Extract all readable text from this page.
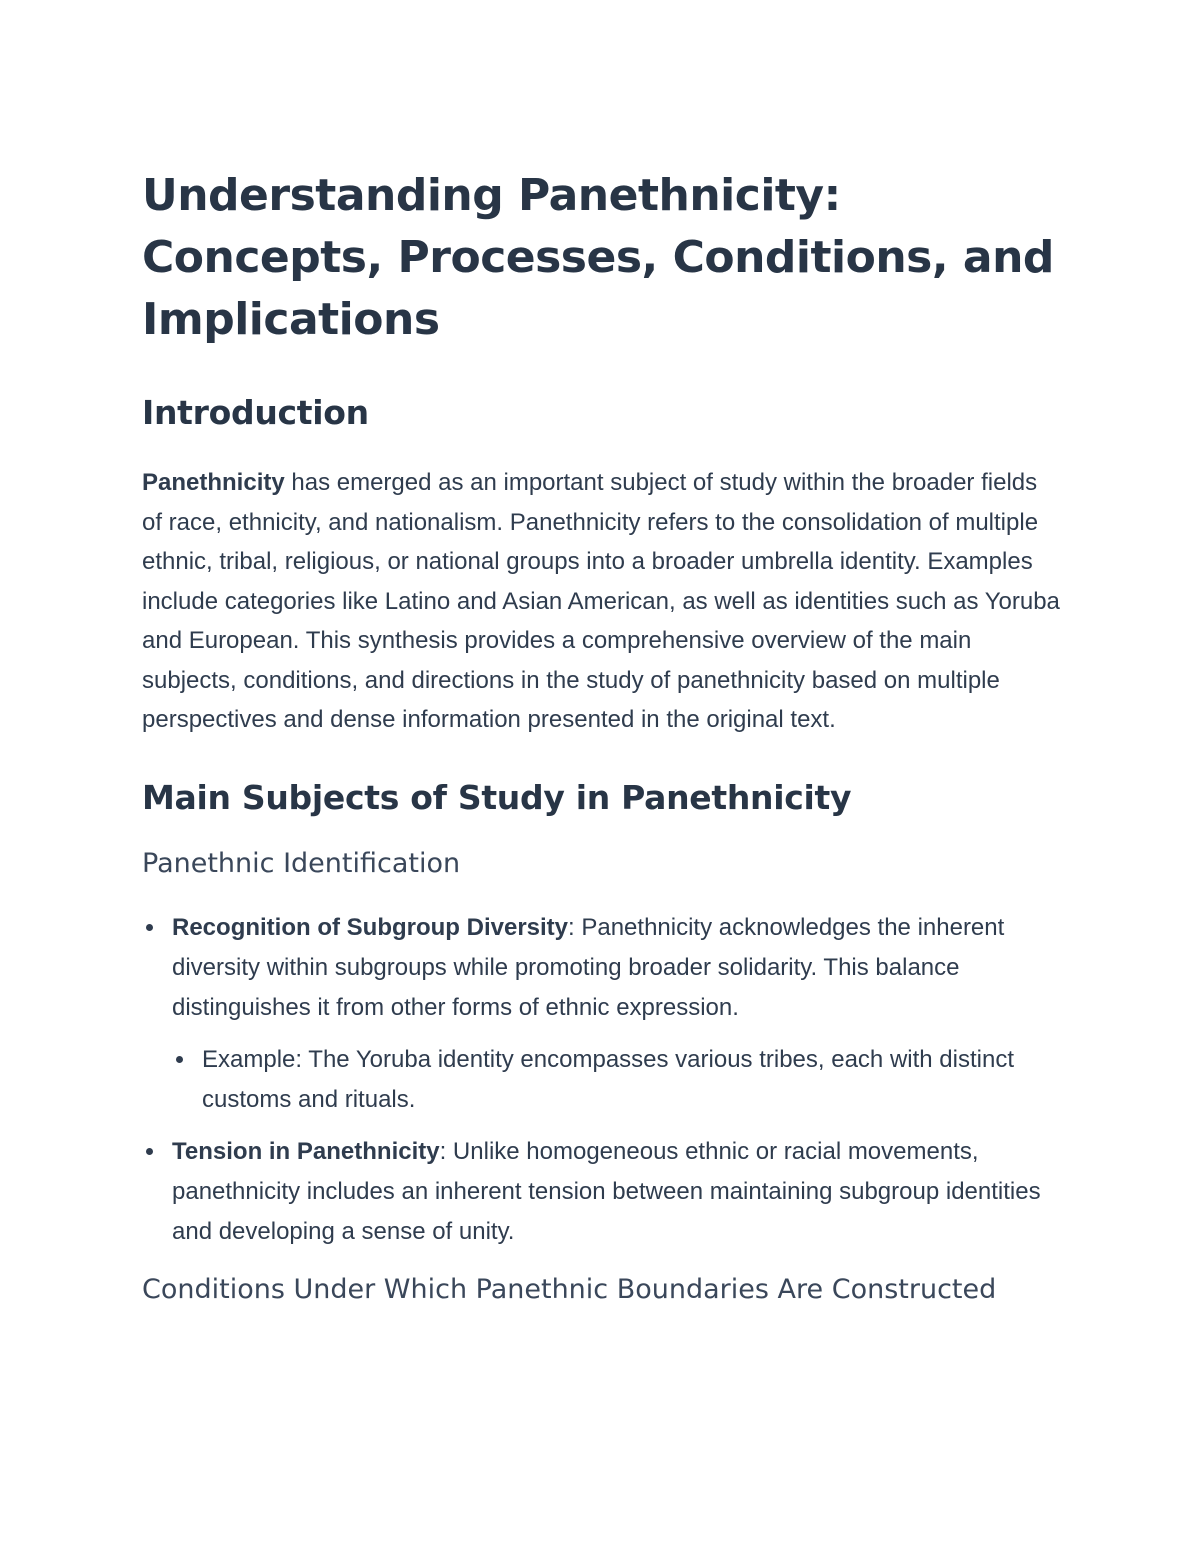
Understanding Panethnicity: Concepts, Processes, Conditions, and Implications
Introduction

Panethnicity has emerged as an important subject of study within the broader fields of race, ethnicity, and nationalism. Panethnicity refers to the consolidation of multiple ethnic, tribal, religious, or national groups into a broader umbrella identity. Examples include categories like Latino and Asian American, as well as identities such as Yoruba and European. This synthesis provides a comprehensive overview of the main subjects, conditions, and directions in the study of panethnicity based on multiple perspectives and dense information presented in the original text.

Main Subjects of Study in Panethnicity
Panethnic Identification
Recognition of Subgroup Diversity: Panethnicity acknowledges the inherent diversity within subgroups while promoting broader solidarity. This balance distinguishes it from other forms of ethnic expression.
Example: The Yoruba identity encompasses various tribes, each with distinct customs and rituals.
Tension in Panethnicity: Unlike homogeneous ethnic or racial movements, panethnicity includes an inherent tension between maintaining subgroup identities and developing a sense of unity.
Conditions Under Which Panethnic Boundaries Are Constructed
